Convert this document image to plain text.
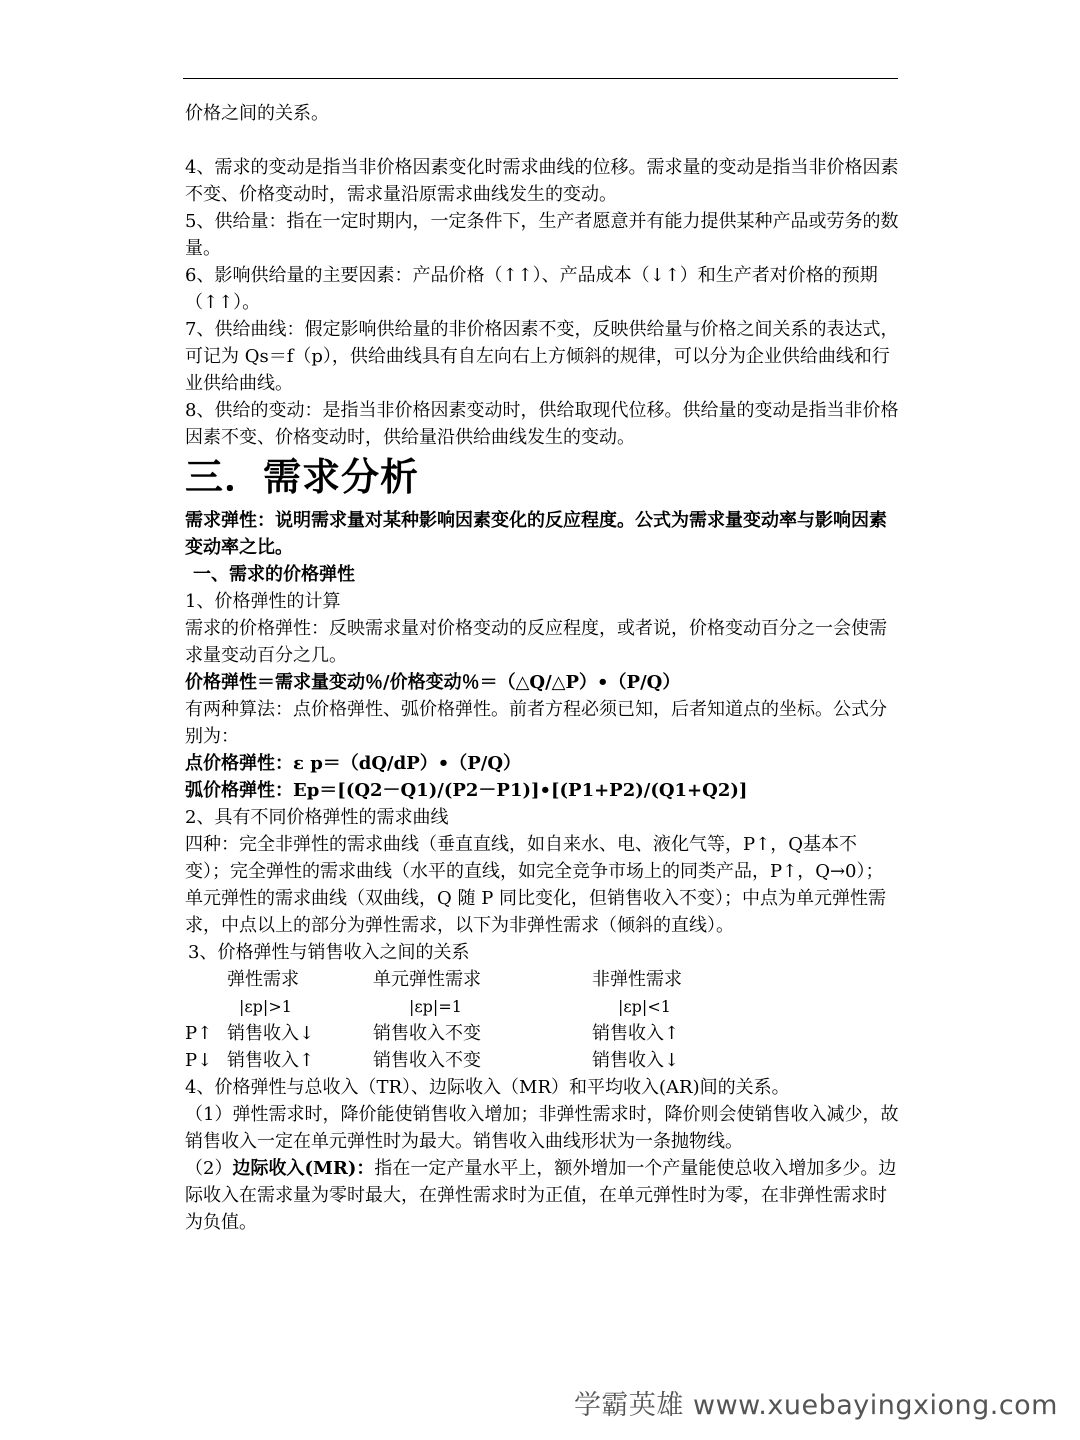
价格之间的关系。

4、需求的变动是指当非价格因素变化时需求曲线的位移。需求量的变动是指当非价格因素不变、价格变动时，需求量沿原需求曲线发生的变动。

5、供给量：指在一定时期内，一定条件下，生产者愿意并有能力提供某种产品或劳务的数量。

6、影响供给量的主要因素：产品价格（↑↑）、产品成本（↓↑）和生产者对价格的预期（↑↑）。

7、供给曲线：假定影响供给量的非价格因素不变，反映供给量与价格之间关系的表达式，可记为 Qs＝f（p），供给曲线具有自左向右上方倾斜的规律，可以分为企业供给曲线和行业供给曲线。

8、供给的变动：是指当非价格因素变动时，供给取现代位移。供给量的变动是指当非价格因素不变、价格变动时，供给量沿供给曲线发生的变动。

三．需求分析

需求弹性：说明需求量对某种影响因素变化的反应程度。公式为需求量变动率与影响因素变动率之比。

一、需求的价格弹性

1、价格弹性的计算

需求的价格弹性：反映需求量对价格变动的反应程度，或者说，价格变动百分之一会使需求量变动百分之几。

价格弹性＝需求量变动％/价格变动％＝（△Q/△P）•（P/Q）

有两种算法：点价格弹性、弧价格弹性。前者方程必须已知，后者知道点的坐标。公式分别为：

点价格弹性：ε p＝（dQ/dP）•（P/Q）

弧价格弹性：Ep＝[(Q2－Q1)/(P2－P1)]•[(P1+P2)/(Q1+Q2)]

2、具有不同价格弹性的需求曲线

四种：完全非弹性的需求曲线（垂直直线，如自来水、电、液化气等，P↑，Q基本不变）；完全弹性的需求曲线（水平的直线，如完全竞争市场上的同类产品，P↑，Q→0）；单元弹性的需求曲线（双曲线，Q 随 P 同比变化，但销售收入不变）；中点为单元弹性需求，中点以上的部分为弹性需求，以下为非弹性需求（倾斜的直线）。

3、价格弹性与销售收入之间的关系

	弹性需求	单元弹性需求	非弹性需求
	|εp|>1	|εp|=1	|εp|<1
P↑	销售收入↓	销售收入不变	销售收入↑
P↓	销售收入↑	销售收入不变	销售收入↓

4、价格弹性与总收入（TR）、边际收入（MR）和平均收入(AR)间的关系。

（1）弹性需求时，降价能使销售收入增加；非弹性需求时，降价则会使销售收入减少，故销售收入一定在单元弹性时为最大。销售收入曲线形状为一条抛物线。

（2）边际收入(MR)：指在一定产量水平上，额外增加一个产量能使总收入增加多少。边际收入在需求量为零时最大，在弹性需求时为正值，在单元弹性时为零，在非弹性需求时为负值。

学霸英雄 www.xuebayingxiong.com
